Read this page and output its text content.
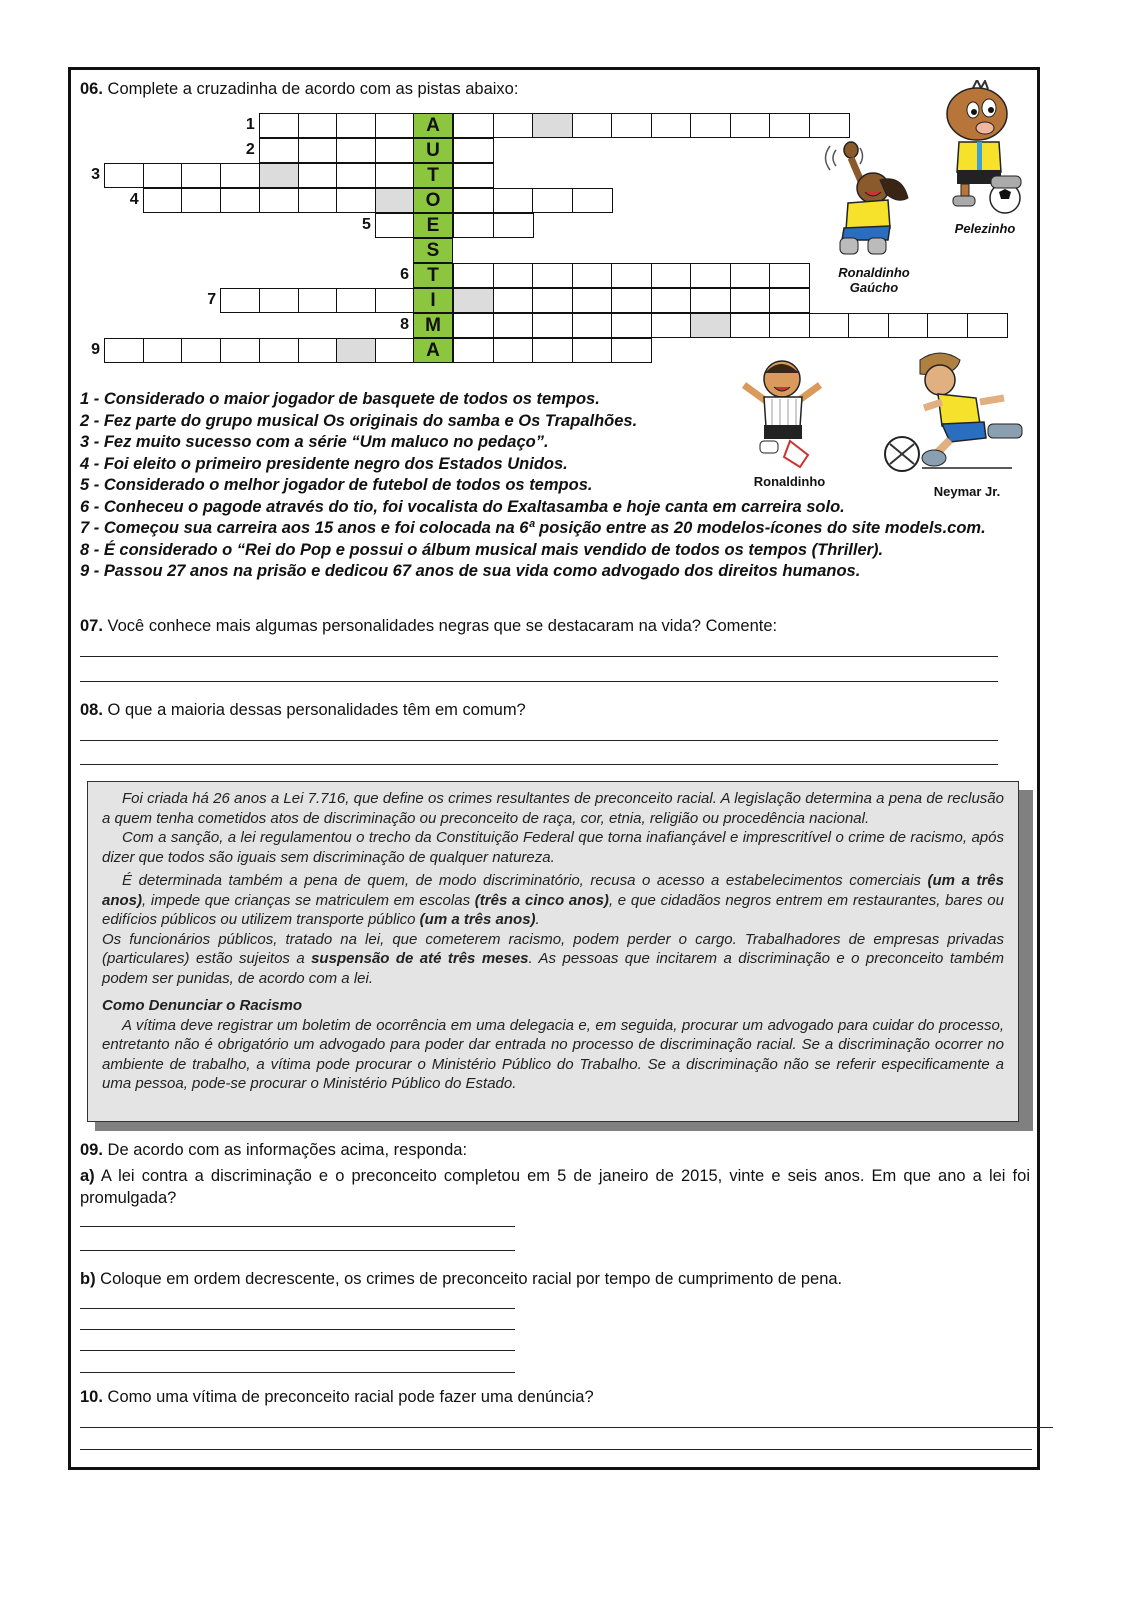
06. Complete a cruzadinha de acordo com as pistas abaixo:
A
1
U
2
T
3
O
4
E
5
S
T
6
I
7
M
8
A
9
Ronaldinho
Gaúcho
Pelezinho
Ronaldinho
Neymar Jr.
1 - Considerado o maior jogador de basquete de todos os tempos.
2 - Fez parte do grupo musical Os originais do samba e Os Trapalhões.
3 - Fez muito sucesso com a série “Um maluco no pedaço”.
4 - Foi eleito o primeiro presidente negro dos Estados Unidos.
5 - Considerado o melhor jogador de futebol de todos os tempos.
6 - Conheceu o pagode através do tio, foi vocalista do Exaltasamba e hoje canta em carreira solo.
7 - Começou sua carreira aos 15 anos e foi colocada na 6ª posição entre as 20 modelos-ícones do site models.com.
8 - É considerado o “Rei do Pop e possui o álbum musical mais vendido de todos os tempos (Thriller).
9 - Passou 27 anos na prisão e dedicou 67 anos de sua vida como advogado dos direitos humanos.
07. Você conhece mais algumas personalidades negras que se destacaram na vida? Comente:
08. O que a maioria dessas personalidades têm em comum?

Foi criada há 26 anos a Lei 7.716, que define os crimes resultantes de preconceito racial. A legislação determina a pena de reclusão a quem tenha cometidos atos de discriminação ou preconceito de raça, cor, etnia, religião ou procedência nacional.

Com a sanção, a lei regulamentou o trecho da Constituição Federal que torna inafiançável e imprescritível o crime de racismo, após dizer que todos são iguais sem discriminação de qualquer natureza.

É determinada também a pena de quem, de modo discriminatório, recusa o acesso a estabelecimentos comerciais (um a três anos), impede que crianças se matriculem em escolas (três a cinco anos), e que cidadãos negros entrem em restaurantes, bares ou edifícios públicos ou utilizem transporte público (um a três anos).

Os funcionários públicos, tratado na lei, que cometerem racismo, podem perder o cargo. Trabalhadores de empresas privadas (particulares) estão sujeitos a suspensão de até três meses. As pessoas que incitarem a discriminação e o preconceito também podem ser punidas, de acordo com a lei.

Como Denunciar o Racismo

A vítima deve registrar um boletim de ocorrência em uma delegacia e, em seguida, procurar um advogado para cuidar do processo, entretanto não é obrigatório um advogado para poder dar entrada no processo de discriminação racial. Se a discriminação ocorrer no ambiente de trabalho, a vítima pode procurar o Ministério Público do Trabalho. Se a discriminação não se referir especificamente a uma pessoa, pode-se procurar o Ministério Público do Estado.

09. De acordo com as informações acima, responda:
a) A lei contra a discriminação e o preconceito completou em 5 de janeiro de 2015, vinte e seis anos. Em que ano a lei foi promulgada?
b) Coloque em ordem decrescente, os crimes de preconceito racial por tempo de cumprimento de pena.
10. Como uma vítima de preconceito racial pode fazer uma denúncia?
